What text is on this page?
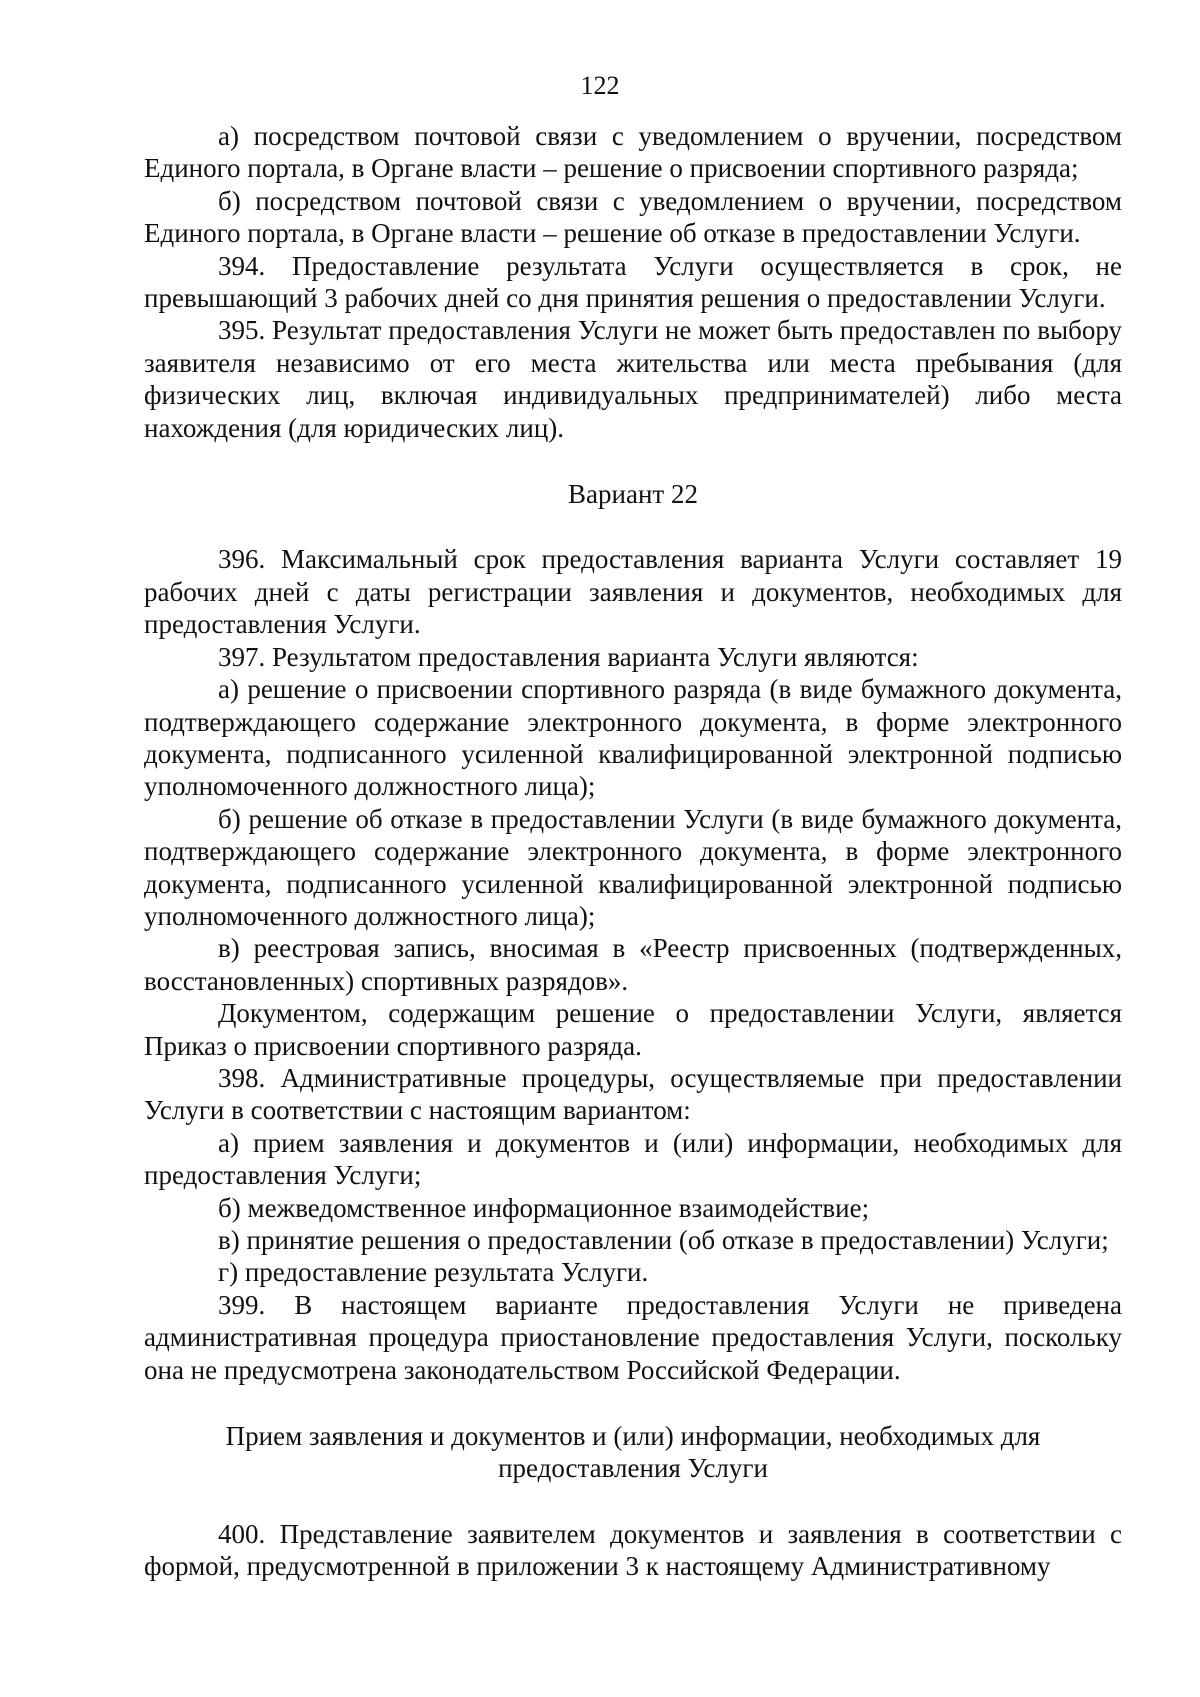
122

а) посредством почтовой связи с уведомлением о вручении, посредством Единого портала, в Органе власти – решение о присвоении спортивного разряда;

б) посредством почтовой связи с уведомлением о вручении, посредством Единого портала, в Органе власти – решение об отказе в предоставлении Услуги.

394. Предоставление результата Услуги осуществляется в срок, не превышающий 3 рабочих дней со дня принятия решения о предоставлении Услуги.

395. Результат предоставления Услуги не может быть предоставлен по выбору заявителя независимо от его места жительства или места пребывания (для физических лиц, включая индивидуальных предпринимателей) либо места нахождения (для юридических лиц).

Вариант 22

396. Максимальный срок предоставления варианта Услуги составляет 19 рабочих дней с даты регистрации заявления и документов, необходимых для предоставления Услуги.

397. Результатом предоставления варианта Услуги являются:

а) решение о присвоении спортивного разряда (в виде бумажного документа, подтверждающего содержание электронного документа, в форме электронного документа, подписанного усиленной квалифицированной электронной подписью уполномоченного должностного лица);

б) решение об отказе в предоставлении Услуги (в виде бумажного документа, подтверждающего содержание электронного документа, в форме электронного документа, подписанного усиленной квалифицированной электронной подписью уполномоченного должностного лица);

в) реестровая запись, вносимая в «Реестр присвоенных (подтвержденных, восстановленных) спортивных разрядов».

Документом, содержащим решение о предоставлении Услуги, является Приказ о присвоении спортивного разряда.

398. Административные процедуры, осуществляемые при предоставлении Услуги в соответствии с настоящим вариантом:

а) прием заявления и документов и (или) информации, необходимых для предоставления Услуги;

б) межведомственное информационное взаимодействие;

в) принятие решения о предоставлении (об отказе в предоставлении) Услуги;

г) предоставление результата Услуги.

399. В настоящем варианте предоставления Услуги не приведена административная процедура приостановление предоставления Услуги, поскольку она не предусмотрена законодательством Российской Федерации.

Прием заявления и документов и (или) информации, необходимых для

предоставления Услуги

400. Представление заявителем документов и заявления в соответствии с формой, предусмотренной в приложении 3 к настоящему Административному
